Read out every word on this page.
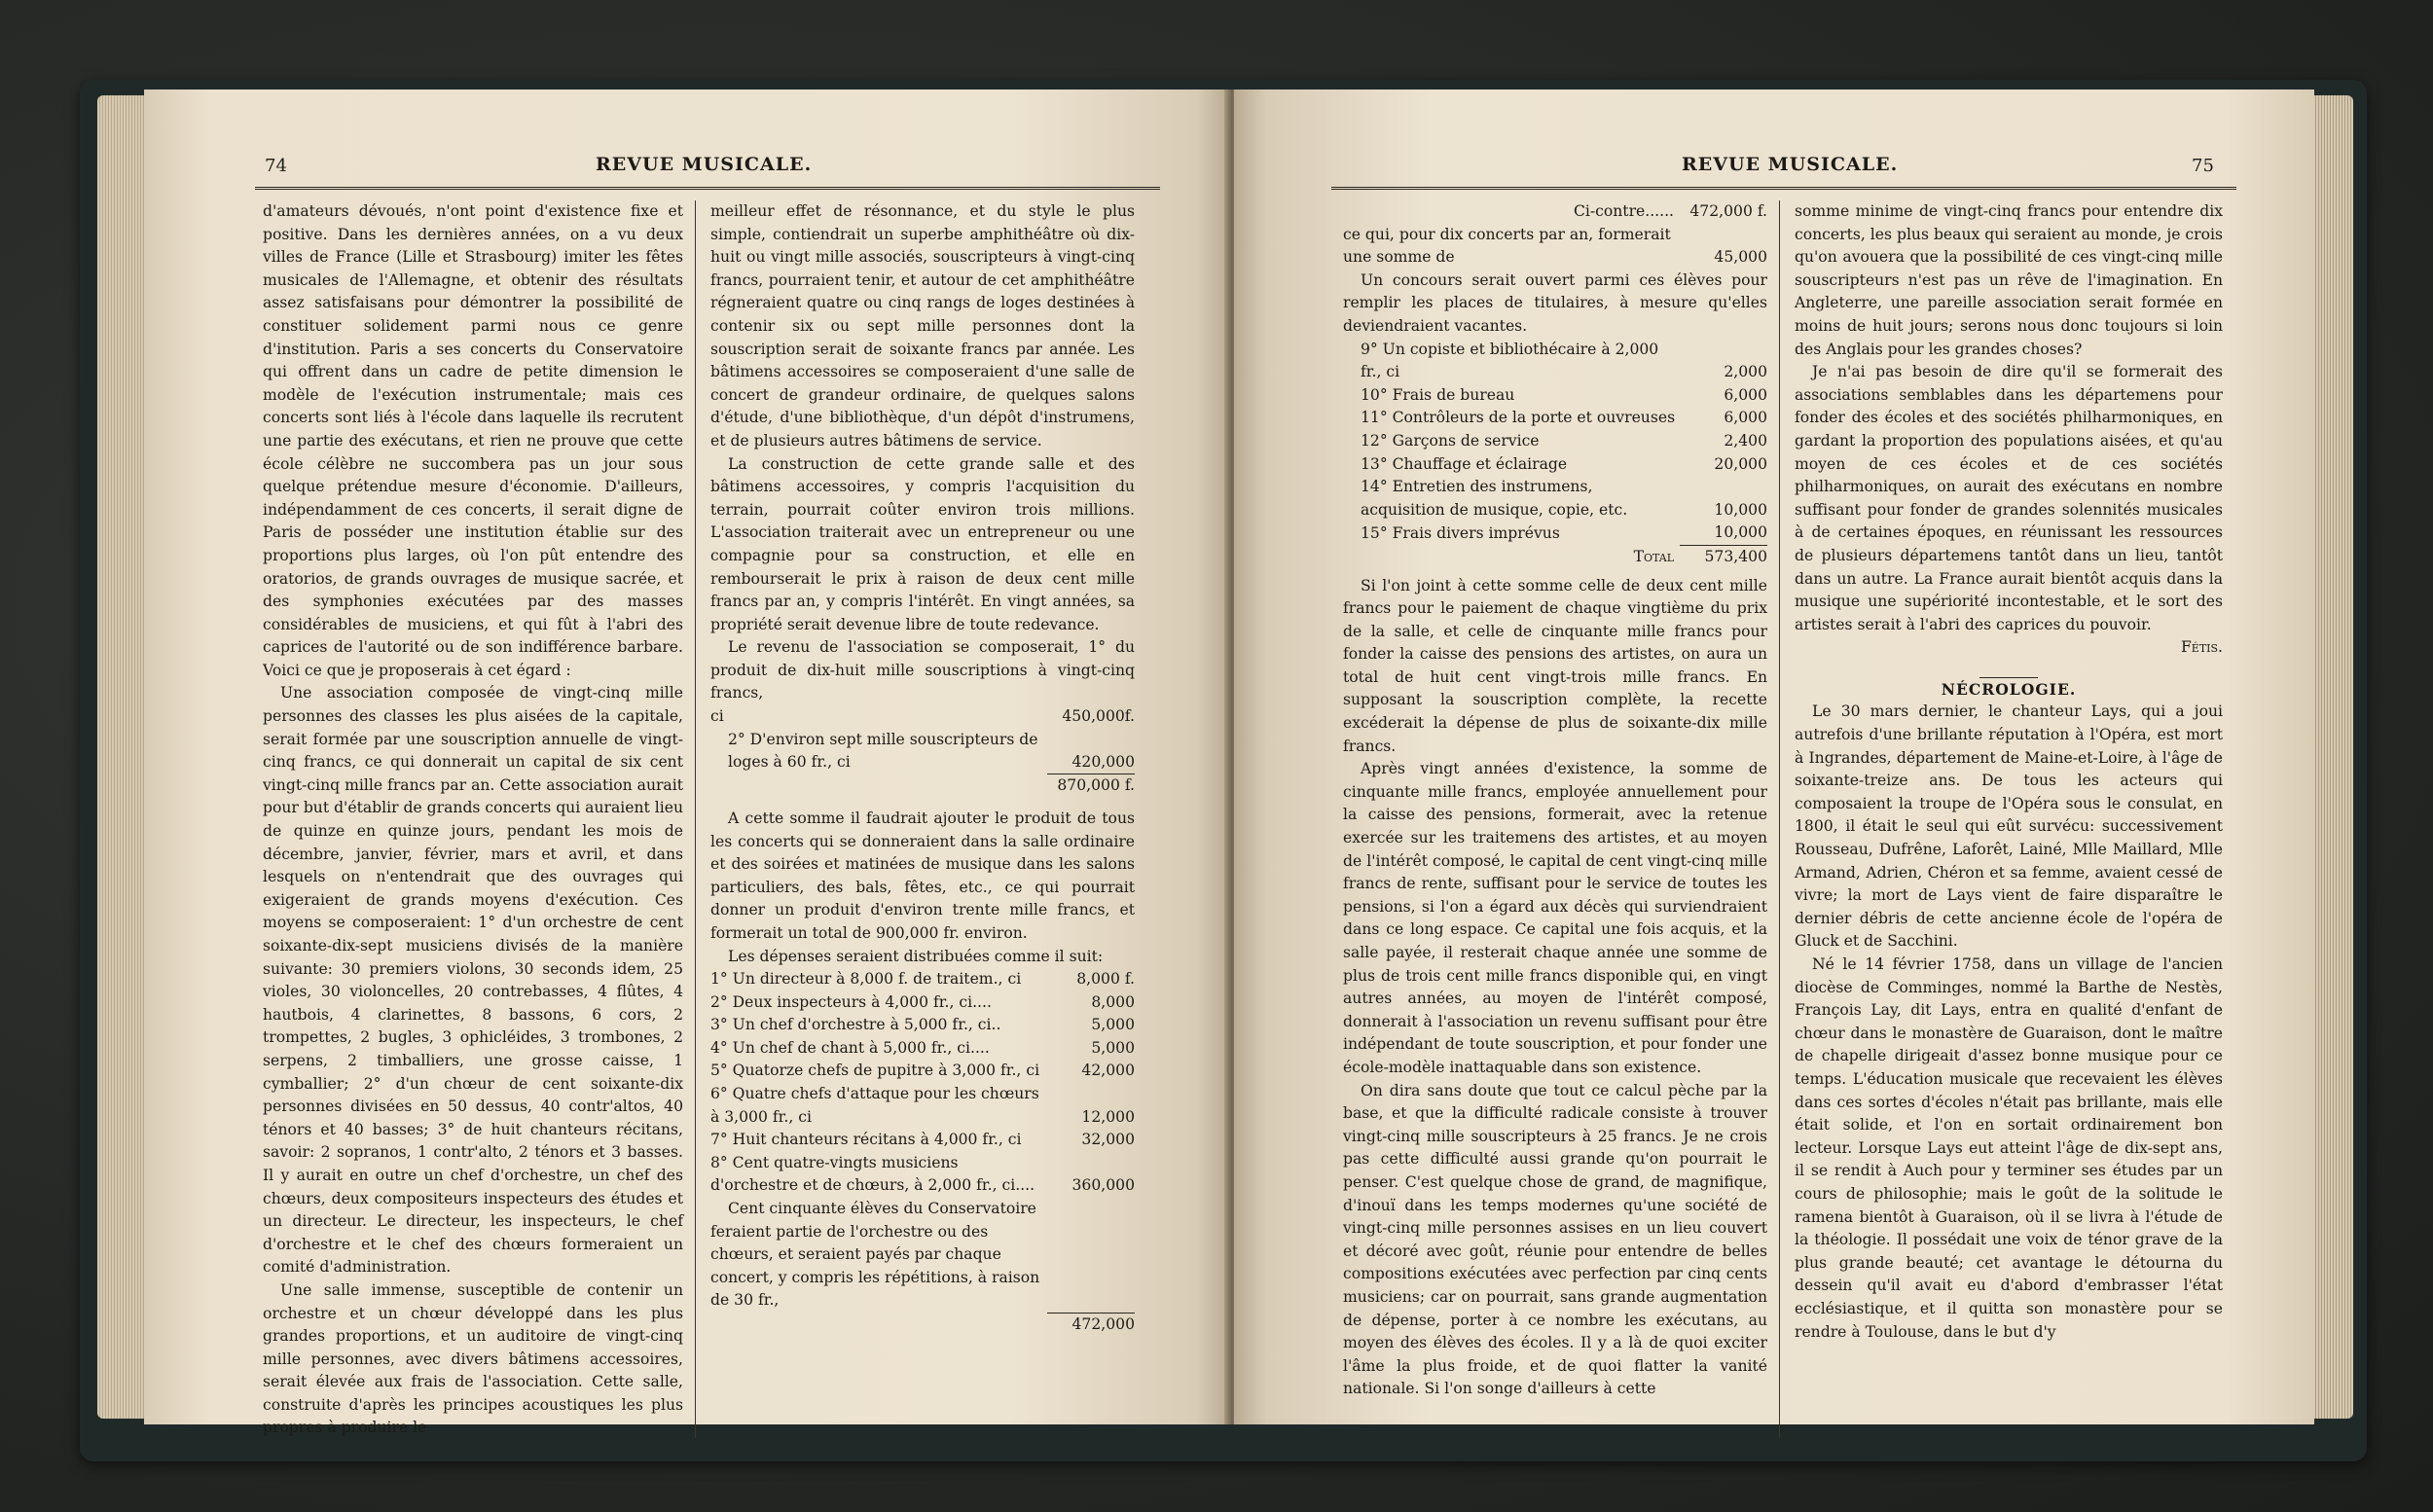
REVUE MUSICALE.
74

d'amateurs dévoués, n'ont point d'existence fixe et positive. Dans les dernières années, on a vu deux villes de France (Lille et Strasbourg) imiter les fêtes musicales de l'Allemagne, et obtenir des résultats assez satisfaisans pour démontrer la possibilité de constituer solidement parmi nous ce genre d'institution. Paris a ses concerts du Conservatoire qui offrent dans un cadre de petite dimension le modèle de l'exécution instrumentale; mais ces concerts sont liés à l'école dans laquelle ils recrutent une partie des exécutans, et rien ne prouve que cette école célèbre ne succombera pas un jour sous quelque prétendue mesure d'économie. D'ailleurs, indépendamment de ces concerts, il serait digne de Paris de posséder une institution établie sur des proportions plus larges, où l'on pût entendre des oratorios, de grands ouvrages de musique sacrée, et des symphonies exécutées par des masses considérables de musiciens, et qui fût à l'abri des caprices de l'autorité ou de son indifférence barbare. Voici ce que je proposerais à cet égard :

Une association composée de vingt-cinq mille personnes des classes les plus aisées de la capitale, serait formée par une souscription annuelle de vingt-cinq francs, ce qui donnerait un capital de six cent vingt-cinq mille francs par an. Cette association aurait pour but d'établir de grands concerts qui auraient lieu de quinze en quinze jours, pendant les mois de décembre, janvier, février, mars et avril, et dans lesquels on n'entendrait que des ouvrages qui exigeraient de grands moyens d'exécution. Ces moyens se composeraient: 1° d'un orchestre de cent soixante-dix-sept musiciens divisés de la manière suivante: 30 premiers violons, 30 seconds idem, 25 violes, 30 violoncelles, 20 contrebasses, 4 flûtes, 4 hautbois, 4 clarinettes, 8 bassons, 6 cors, 2 trompettes, 2 bugles, 3 ophicléides, 3 trombones, 2 serpens, 2 timballiers, une grosse caisse, 1 cymballier; 2° d'un chœur de cent soixante-dix personnes divisées en 50 dessus, 40 contr'altos, 40 ténors et 40 basses; 3° de huit chanteurs récitans, savoir: 2 sopranos, 1 contr'alto, 2 ténors et 3 basses. Il y aurait en outre un chef d'orchestre, un chef des chœurs, deux compositeurs inspecteurs des études et un directeur. Le directeur, les inspecteurs, le chef d'orchestre et le chef des chœurs formeraient un comité d'administration.

Une salle immense, susceptible de contenir un orchestre et un chœur développé dans les plus grandes proportions, et un auditoire de vingt-cinq mille personnes, avec divers bâtimens accessoires, serait élevée aux frais de l'association. Cette salle, construite d'après les principes acoustiques les plus propres à produire le

meilleur effet de résonnance, et du style le plus simple, contiendrait un superbe amphithéâtre où dix-huit ou vingt mille associés, souscripteurs à vingt-cinq francs, pourraient tenir, et autour de cet amphithéâtre régneraient quatre ou cinq rangs de loges destinées à contenir six ou sept mille personnes dont la souscription serait de soixante francs par année. Les bâtimens accessoires se composeraient d'une salle de concert de grandeur ordinaire, de quelques salons d'étude, d'une bibliothèque, d'un dépôt d'instrumens, et de plusieurs autres bâtimens de service.

La construction de cette grande salle et des bâtimens accessoires, y compris l'acquisition du terrain, pourrait coûter environ trois millions. L'association traiterait avec un entrepreneur ou une compagnie pour sa construction, et elle en rembourserait le prix à raison de deux cent mille francs par an, y compris l'intérêt. En vingt années, sa propriété serait devenue libre de toute redevance.

Le revenu de l'association se composerait, 1° du produit de dix-huit mille souscriptions à vingt-cinq francs,

ci	450,000f.
2° D'environ sept mille souscripteurs de loges à 60 fr., ci	420,000
	870,000 f.

A cette somme il faudrait ajouter le produit de tous les concerts qui se donneraient dans la salle ordinaire et des soirées et matinées de musique dans les salons particuliers, des bals, fêtes, etc., ce qui pourrait donner un produit d'environ trente mille francs, et formerait un total de 900,000 fr. environ.

Les dépenses seraient distribuées comme il suit:

1° Un directeur à 8,000 f. de traitem., ci	8,000 f.
2° Deux inspecteurs à 4,000 fr., ci....	8,000
3° Un chef d'orchestre à 5,000 fr., ci..	5,000
4° Un chef de chant à 5,000 fr., ci....	5,000
5° Quatorze chefs de pupitre à 3,000 fr., ci	42,000
6° Quatre chefs d'attaque pour les chœurs à 3,000 fr., ci	12,000
7° Huit chanteurs récitans à 4,000 fr., ci	32,000
8° Cent quatre-vingts musiciens d'orchestre et de chœurs, à 2,000 fr., ci....	360,000
Cent cinquante élèves du Conservatoire feraient partie de l'orchestre ou des chœurs, et seraient payés par chaque concert, y compris les répétitions, à raison de 30 fr.,	
	472,000
REVUE MUSICALE.	75
Ci-contre......	472,000 f.
ce qui, pour dix concerts par an, formerait une somme de	45,000

Un concours serait ouvert parmi ces élèves pour remplir les places de titulaires, à mesure qu'elles deviendraient vacantes.

9° Un copiste et bibliothécaire à 2,000 fr., ci	2,000
10° Frais de bureau	6,000
11° Contrôleurs de la porte et ouvreuses	6,000
12° Garçons de service	2,400
13° Chauffage et éclairage	20,000
14° Entretien des instrumens, acquisition de musique, copie, etc.	10,000
15° Frais divers imprévus	10,000
Total	573,400

Si l'on joint à cette somme celle de deux cent mille francs pour le paiement de chaque vingtième du prix de la salle, et celle de cinquante mille francs pour fonder la caisse des pensions des artistes, on aura un total de huit cent vingt-trois mille francs. En supposant la souscription complète, la recette excéderait la dépense de plus de soixante-dix mille francs.

Après vingt années d'existence, la somme de cinquante mille francs, employée annuellement pour la caisse des pensions, formerait, avec la retenue exercée sur les traitemens des artistes, et au moyen de l'intérêt composé, le capital de cent vingt-cinq mille francs de rente, suffisant pour le service de toutes les pensions, si l'on a égard aux décès qui surviendraient dans ce long espace. Ce capital une fois acquis, et la salle payée, il resterait chaque année une somme de plus de trois cent mille francs disponible qui, en vingt autres années, au moyen de l'intérêt composé, donnerait à l'association un revenu suffisant pour être indépendant de toute souscription, et pour fonder une école-modèle inattaquable dans son existence.

On dira sans doute que tout ce calcul pèche par la base, et que la difficulté radicale consiste à trouver vingt-cinq mille souscripteurs à 25 francs. Je ne crois pas cette difficulté aussi grande qu'on pourrait le penser. C'est quelque chose de grand, de magnifique, d'inouï dans les temps modernes qu'une société de vingt-cinq mille personnes assises en un lieu couvert et décoré avec goût, réunie pour entendre de belles compositions exécutées avec perfection par cinq cents musiciens; car on pourrait, sans grande augmentation de dépense, porter à ce nombre les exécutans, au moyen des élèves des écoles. Il y a là de quoi exciter l'âme la plus froide, et de quoi flatter la vanité nationale. Si l'on songe d'ailleurs à cette

somme minime de vingt-cinq francs pour entendre dix concerts, les plus beaux qui seraient au monde, je crois qu'on avouera que la possibilité de ces vingt-cinq mille souscripteurs n'est pas un rêve de l'imagination. En Angleterre, une pareille association serait formée en moins de huit jours; serons nous donc toujours si loin des Anglais pour les grandes choses?

Je n'ai pas besoin de dire qu'il se formerait des associations semblables dans les départemens pour fonder des écoles et des sociétés philharmoniques, en gardant la proportion des populations aisées, et qu'au moyen de ces écoles et de ces sociétés philharmoniques, on aurait des exécutans en nombre suffisant pour fonder de grandes solennités musicales à de certaines époques, en réunissant les ressources de plusieurs départemens tantôt dans un lieu, tantôt dans un autre. La France aurait bientôt acquis dans la musique une supériorité incontestable, et le sort des artistes serait à l'abri des caprices du pouvoir.

Fétis.

NÉCROLOGIE.

Le 30 mars dernier, le chanteur Lays, qui a joui autrefois d'une brillante réputation à l'Opéra, est mort à Ingrandes, département de Maine-et-Loire, à l'âge de soixante-treize ans. De tous les acteurs qui composaient la troupe de l'Opéra sous le consulat, en 1800, il était le seul qui eût survécu: successivement Rousseau, Dufrêne, Laforêt, Lainé, Mlle Maillard, Mlle Armand, Adrien, Chéron et sa femme, avaient cessé de vivre; la mort de Lays vient de faire disparaître le dernier débris de cette ancienne école de l'opéra de Gluck et de Sacchini.

Né le 14 février 1758, dans un village de l'ancien diocèse de Comminges, nommé la Barthe de Nestès, François Lay, dit Lays, entra en qualité d'enfant de chœur dans le monastère de Guaraison, dont le maître de chapelle dirigeait d'assez bonne musique pour ce temps. L'éducation musicale que recevaient les élèves dans ces sortes d'écoles n'était pas brillante, mais elle était solide, et l'on en sortait ordinairement bon lecteur. Lorsque Lays eut atteint l'âge de dix-sept ans, il se rendit à Auch pour y terminer ses études par un cours de philosophie; mais le goût de la solitude le ramena bientôt à Guaraison, où il se livra à l'étude de la théologie. Il possédait une voix de ténor grave de la plus grande beauté; cet avantage le détourna du dessein qu'il avait eu d'abord d'embrasser l'état ecclésiastique, et il quitta son monastère pour se rendre à Toulouse, dans le but d'y
